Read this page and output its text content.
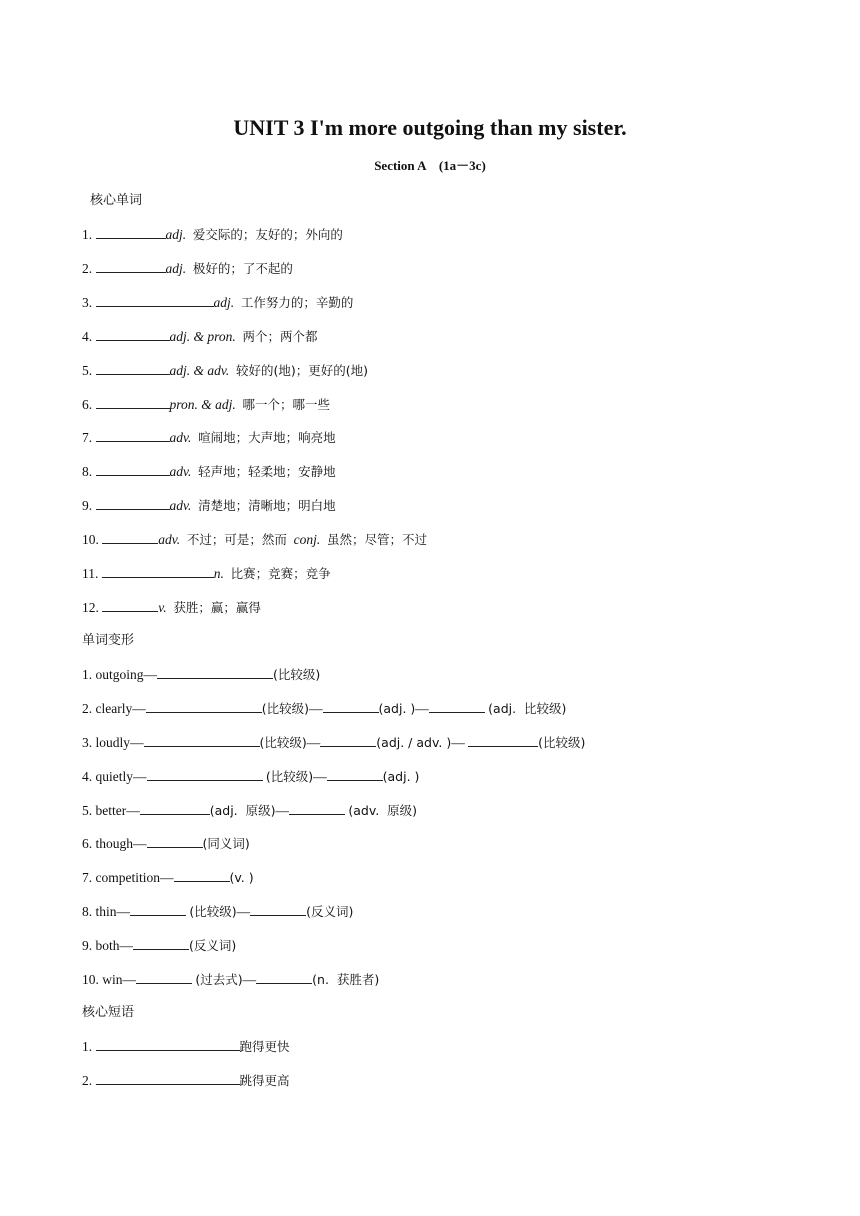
UNIT 3 I'm more outgoing than my sister.
Section A　(1a－3c)
核心单词
1.	adj. 爱交际的；友好的；外向的
2.	adj. 极好的；了不起的
3.	adj. 工作努力的；辛勤的
4.	adj. & pron. 两个；两个都
5.	adj. & adv. 较好的(地)；更好的(地)
6.	pron. & adj. 哪一个；哪一些
7.	adv. 喧闹地；大声地；响亮地
8.	adv. 轻声地；轻柔地；安静地
9.	adv. 清楚地；清晰地；明白地
10.	adv. 不过；可是；然而 conj. 虽然；尽管；不过
11.	n. 比赛；竞赛；竞争
12.	v. 获胜；赢；赢得
单词变形
1. outgoing—	(比较级)
2. clearly—	(比较级)—	(adj. )—	(adj.  比较级)
3. loudly—	(比较级)—	(adj. / adv. )—	(比较级)
4. quietly—	(比较级)—	(adj. )
5. better—	(adj.  原级)—	(adv.  原级)
6. though—	(同义词)
7. competition—	(v. )
8. thin—	(比较级)—	(反义词)
9. both—	(反义词)
10. win—	(过去式)—	(n.  获胜者)
核心短语
1.	跑得更快
2.	跳得更高
